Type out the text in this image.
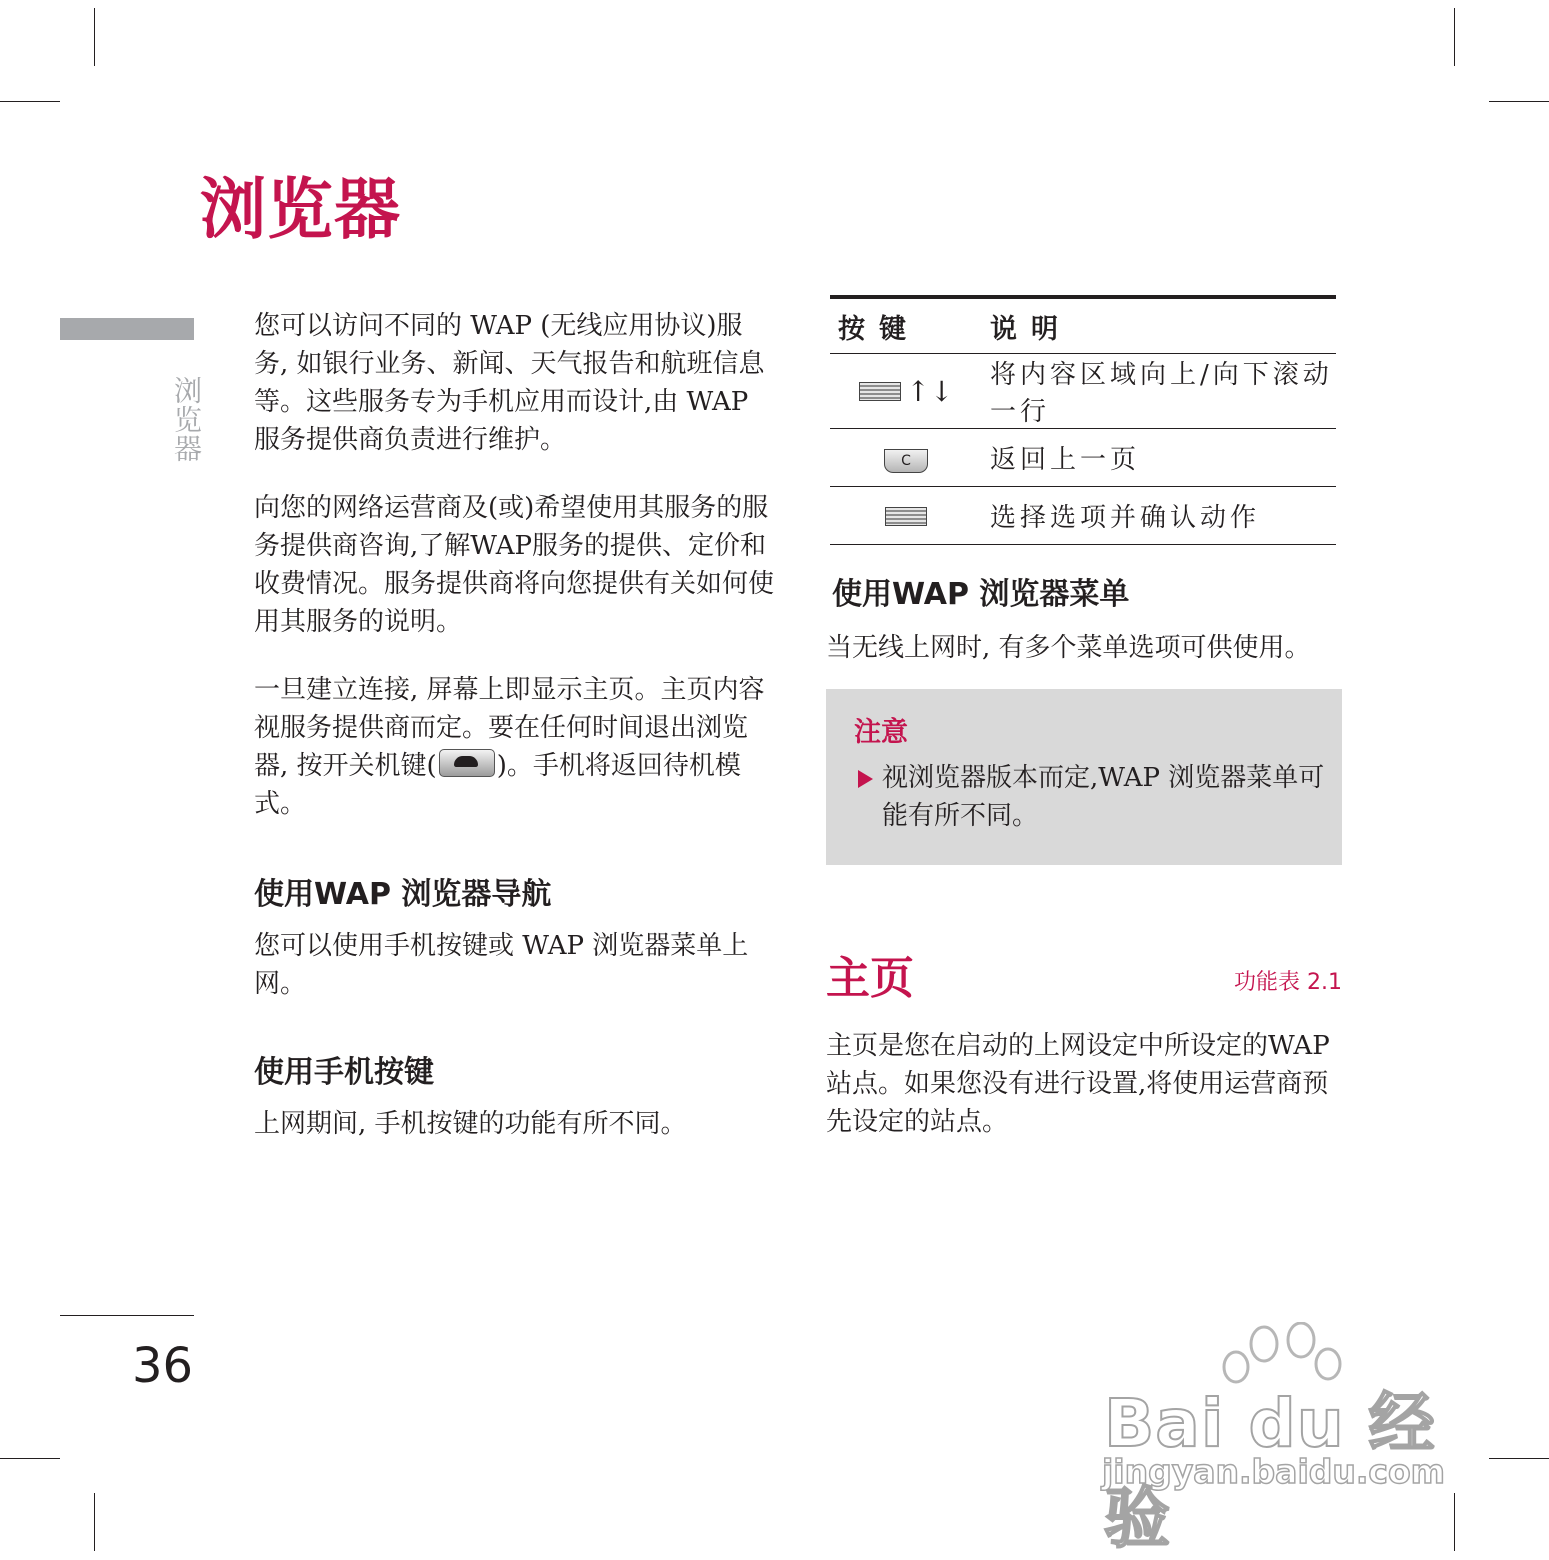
浏览器
浏览器

您可以访问不同的 WAP (无线应用协议)服务, 如银行业务、新闻、天气报告和航班信息等。这些服务专为手机应用而设计,由 WAP 服务提供商负责进行维护。

向您的网络运营商及(或)希望使用其服务的服务提供商咨询,了解WAP服务的提供、定价和收费情况。服务提供商将向您提供有关如何使用其服务的说明。

一旦建立连接, 屏幕上即显示主页。主页内容视服务提供商而定。要在任何时间退出浏览器, 按开关机键( )。手机将返回待机模式。

使用WAP 浏览器导航

您可以使用手机按键或 WAP 浏览器菜单上网。

使用手机按键

上网期间, 手机按键的功能有所不同。

按键	说明
↑↓	将内容区域向上/向下滚动一行
C	返回上一页
	选择选项并确认动作
使用WAP 浏览器菜单

当无线上网时, 有多个菜单选项可供使用。

注意
视浏览器版本而定,WAP 浏览器菜单可能有所不同。
主页	功能表 2.1

主页是您在启动的上网设定中所设定的WAP 站点。如果您没有进行设置,将使用运营商预先设定的站点。

36
Bai du 经验
jingyan.baidu.com
